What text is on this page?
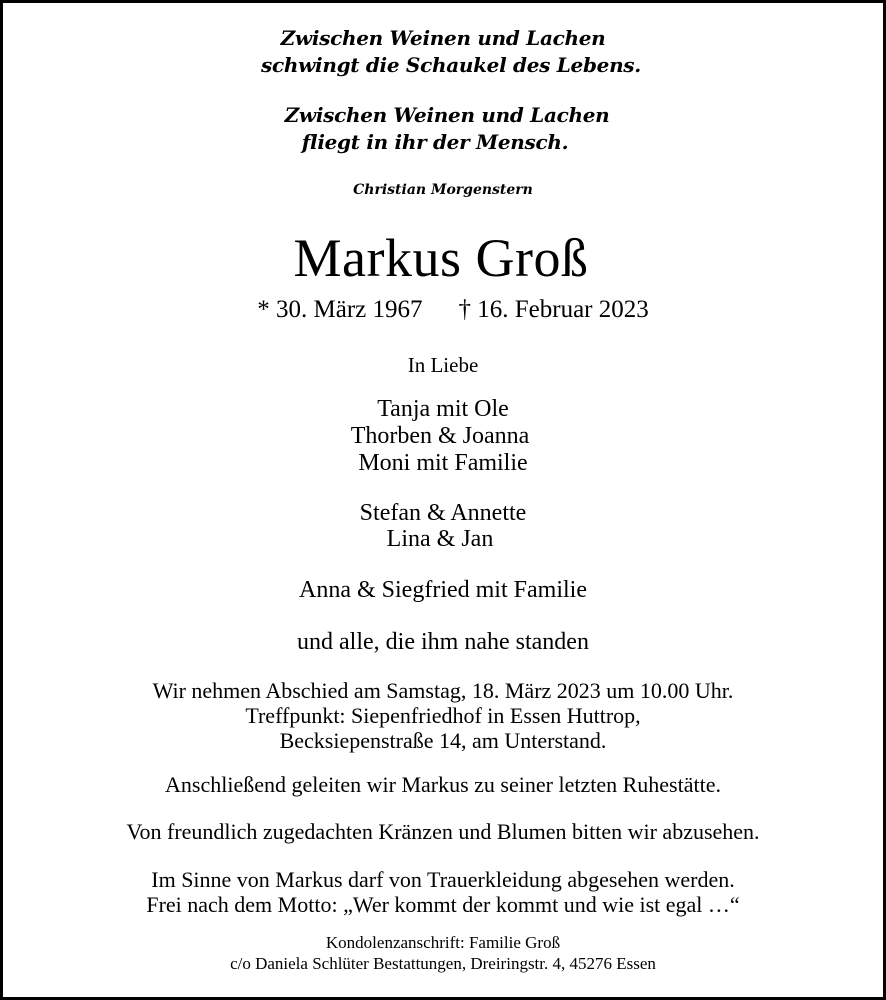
Zwischen Weinen und Lachen
schwingt die Schaukel des Lebens.
Zwischen Weinen und Lachen
fliegt in ihr der Mensch.
Christian Morgenstern
Markus Groß
* 30. März 1967 † 16. Februar 2023
In Liebe
Tanja mit Ole
Thorben & Joanna
Moni mit Familie
Stefan & Annette
Lina & Jan
Anna & Siegfried mit Familie
und alle, die ihm nahe standen
Wir nehmen Abschied am Samstag, 18. März 2023 um 10.00 Uhr.
Treffpunkt: Siepenfriedhof in Essen Huttrop,
Becksiepenstraße 14, am Unterstand.
Anschließend geleiten wir Markus zu seiner letzten Ruhestätte.
Von freundlich zugedachten Kränzen und Blumen bitten wir abzusehen.
Im Sinne von Markus darf von Trauerkleidung abgesehen werden.
Frei nach dem Motto: „Wer kommt der kommt und wie ist egal …“
Kondolenzanschrift: Familie Groß
c/o Daniela Schlüter Bestattungen, Dreiringstr. 4, 45276 Essen
